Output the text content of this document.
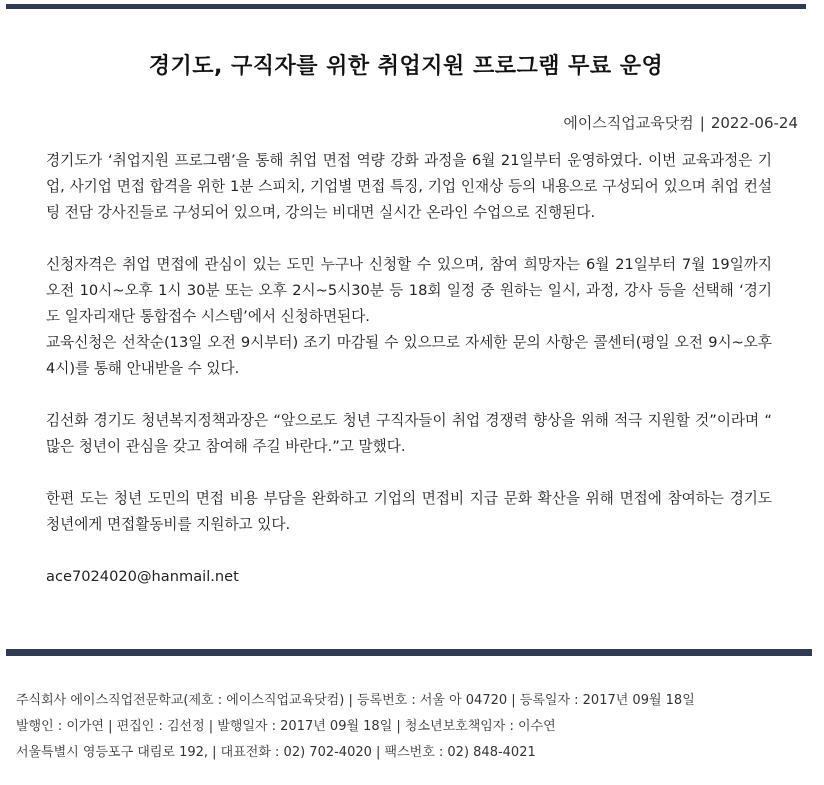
경기도, 구직자를 위한 취업지원 프로그램 무료 운영
에이스직업교육닷컴 | 2022-06-24

경기도가 ‘취업지원 프로그램’을 통해 취업 면접 역량 강화 과정을 6월 21일부터 운영하였다. 이번 교육과정은 기업, 사기업 면접 합격을 위한 1분 스피치, 기업별 면접 특징, 기업 인재상 등의 내용으로 구성되어 있으며 취업 컨설팅 전담 강사진들로 구성되어 있으며, 강의는 비대면 실시간 온라인 수업으로 진행된다.

신청자격은 취업 면접에 관심이 있는 도민 누구나 신청할 수 있으며, 참여 희망자는 6월 21일부터 7월 19일까지 오전 10시~오후 1시 30분 또는 오후 2시~5시30분 등 18회 일정 중 원하는 일시, 과정, 강사 등을 선택해 ‘경기도 일자리재단 통합접수 시스템’에서 신청하면된다.

교육신청은 선착순(13일 오전 9시부터) 조기 마감될 수 있으므로 자세한 문의 사항은 콜센터(평일 오전 9시~오후 4시)를 통해 안내받을 수 있다.

김선화 경기도 청년복지정책과장은 “앞으로도 청년 구직자들이 취업 경쟁력 향상을 위해 적극 지원할 것”이라며 “ 많은 청년이 관심을 갖고 참여해 주길 바란다.”고 말했다.

한편 도는 청년 도민의 면접 비용 부담을 완화하고 기업의 면접비 지급 문화 확산을 위해 면접에 참여하는 경기도 청년에게 면접활동비를 지원하고 있다.

ace7024020@hanmail.net

주식회사 에이스직업전문학교(제호 : 에이스직업교육닷컴) | 등록번호 : 서울 아 04720 | 등록일자 : 2017년 09월 18일
발행인 : 이가연 | 편집인 : 김선정 | 발행일자 : 2017년 09월 18일 | 청소년보호책임자 : 이수연
서울특별시 영등포구 대림로 192, | 대표전화 : 02) 702-4020 | 팩스번호 : 02) 848-4021
